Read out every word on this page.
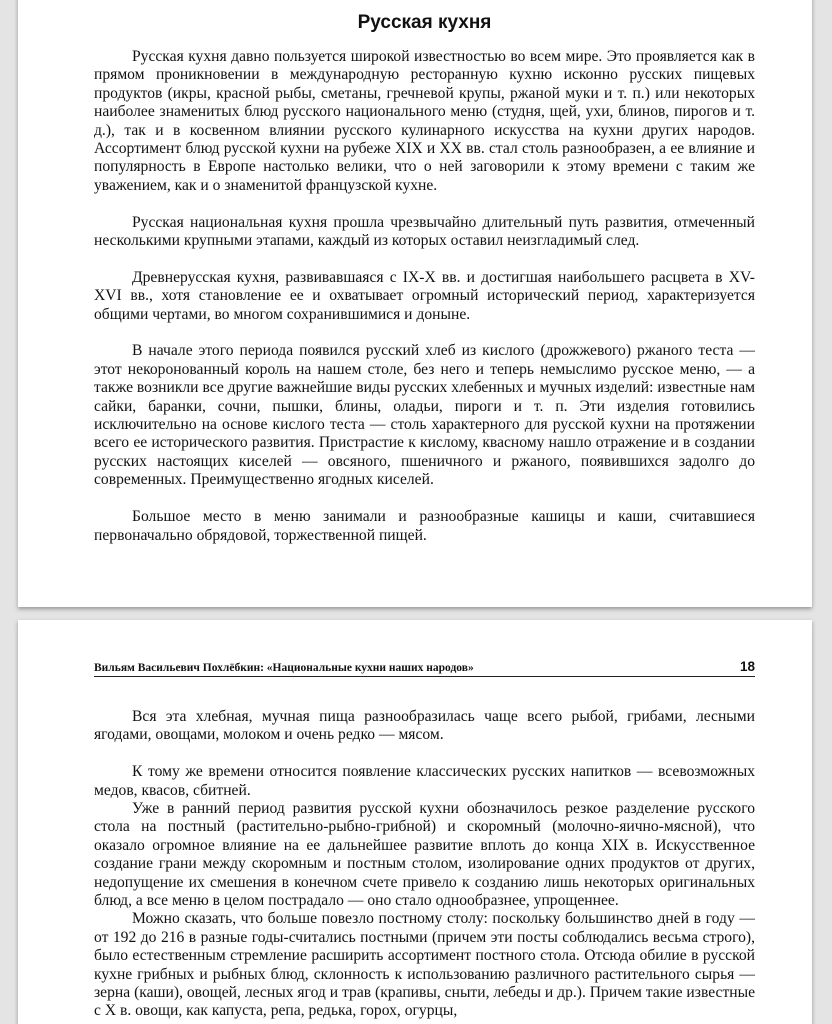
Русская кухня

Русская кухня давно пользуется широкой известностью во всем мире. Это проявляется как в прямом проникновении в международную ресторанную кухню исконно русских пищевых продуктов (икры, красной рыбы, сметаны, гречневой крупы, ржаной муки и т. п.) или некоторых наиболее знаменитых блюд русского национального меню (студня, щей, ухи, блинов, пирогов и т. д.), так и в косвенном влиянии русского кулинарного искусства на кухни других народов. Ассортимент блюд русской кухни на рубеже XIX и XX вв. стал столь разнообразен, а ее влияние и популярность в Европе настолько велики, что о ней заговорили к этому времени с таким же уважением, как и о знаменитой французской кухне.

Русская национальная кухня прошла чрезвычайно длительный путь развития, отмеченный несколькими крупными этапами, каждый из которых оставил неизгладимый след.

Древнерусская кухня, развивавшаяся с IX-X вв. и достигшая наибольшего расцвета в XV-XVI вв., хотя становление ее и охватывает огромный исторический период, характеризуется общими чертами, во многом сохранившимися и доныне.

В начале этого периода появился русский хлеб из кислого (дрожжевого) ржаного теста — этот некоронованный король на нашем столе, без него и теперь немыслимо русское меню, — а также возникли все другие важнейшие виды русских хлебенных и мучных изделий: известные нам сайки, баранки, сочни, пышки, блины, оладьи, пироги и т. п. Эти изделия готовились исключительно на основе кислого теста — столь характерного для русской кухни на протяжении всего ее исторического развития. Пристрастие к кислому, квасному нашло отражение и в создании русских настоящих киселей — овсяного, пшеничного и ржаного, появившихся задолго до современных. Преимущественно ягодных киселей.

Большое место в меню занимали и разнообразные кашицы и каши, считавшиеся первоначально обрядовой, торжественной пищей.

Вильям Васильевич Похлёбкин: «Национальные кухни наших народов»	18

Вся эта хлебная, мучная пища разнообразилась чаще всего рыбой, грибами, лесными ягодами, овощами, молоком и очень редко — мясом.

К тому же времени относится появление классических русских напитков — всевозможных медов, квасов, сбитней.

Уже в ранний период развития русской кухни обозначилось резкое разделение русского стола на постный (растительно-рыбно-грибной) и скоромный (молочно-яично-мясной), что оказало огромное влияние на ее дальнейшее развитие вплоть до конца XIX в. Искусственное создание грани между скоромным и постным столом, изолирование одних продуктов от других, недопущение их смешения в конечном счете привело к созданию лишь некоторых оригинальных блюд, а все меню в целом пострадало — оно стало однообразнее, упрощеннее.

Можно сказать, что больше повезло постному столу: поскольку большинство дней в году — от 192 до 216 в разные годы-считались постными (причем эти посты соблюдались весьма строго), было естественным стремление расширить ассортимент постного стола. Отсюда обилие в русской кухне грибных и рыбных блюд, склонность к использованию различного растительного сырья — зерна (каши), овощей, лесных ягод и трав (крапивы, сныти, лебеды и др.). Причем такие известные с X в. овощи, как капуста, репа, редька, горох, огурцы,
